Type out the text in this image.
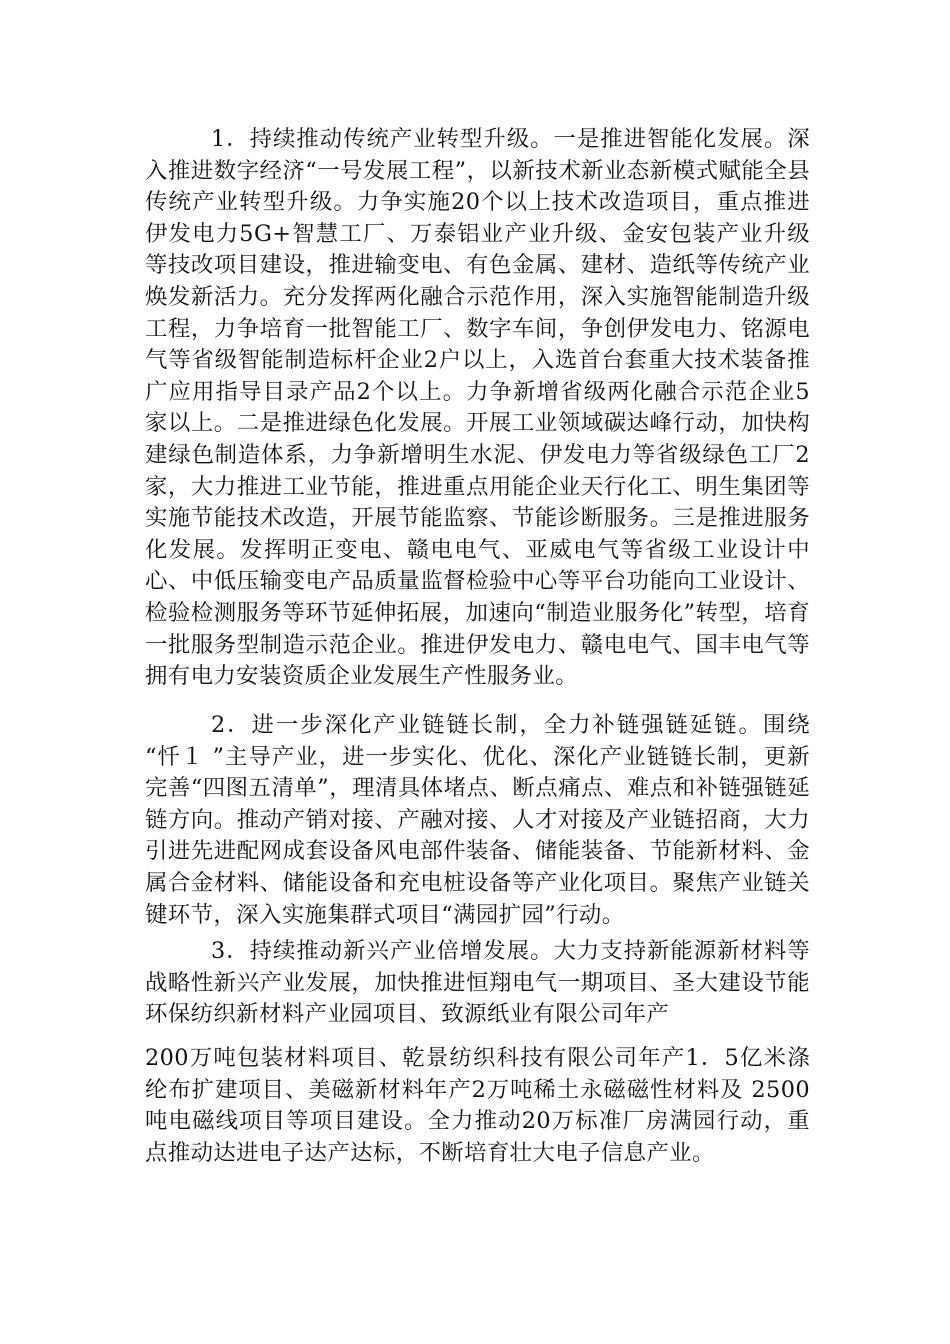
1．持续推动传统产业转型升级。一是推进智能化发展。深入推进数字经济“一号发展工程”，以新技术新业态新模式赋能全县传统产业转型升级。力争实施20个以上技术改造项目，重点推进伊发电力5G+智慧工厂、万泰铝业产业升级、金安包装产业升级等技改项目建设，推进输变电、有色金属、建材、造纸等传统产业焕发新活力。充分发挥两化融合示范作用，深入实施智能制造升级工程，力争培育一批智能工厂、数字车间，争创伊发电力、铭源电气等省级智能制造标杆企业2户以上，入选首台套重大技术装备推广应用指导目录产品2个以上。力争新增省级两化融合示范企业5家以上。二是推进绿色化发展。开展工业领域碳达峰行动，加快构建绿色制造体系，力争新增明生水泥、伊发电力等省级绿色工厂2家，大力推进工业节能，推进重点用能企业天行化工、明生集团等实施节能技术改造，开展节能监察、节能诊断服务。三是推进服务化发展。发挥明正变电、赣电电气、亚威电气等省级工业设计中心、中低压输变电产品质量监督检验中心等平台功能向工业设计、检验检测服务等环节延伸拓展，加速向“制造业服务化”转型，培育一批服务型制造示范企业。推进伊发电力、赣电电气、国丰电气等拥有电力安装资质企业发展生产性服务业。

2．进一步深化产业链链长制，全力补链强链延链。围绕 “忏１ ”主导产业，进一步实化、优化、深化产业链链长制，更新完善“四图五清单”，理清具体堵点、断点痛点、难点和补链强链延链方向。推动产销对接、产融对接、人才对接及产业链招商，大力引进先进配网成套设备风电部件装备、储能装备、节能新材料、金属合金材料、储能设备和充电桩设备等产业化项目。聚焦产业链关键环节，深入实施集群式项目“满园扩园”行动。

3．持续推动新兴产业倍增发展。大力支持新能源新材料等战略性新兴产业发展，加快推进恒翔电气一期项目、圣大建设节能环保纺织新材料产业园项目、致源纸业有限公司年产

200万吨包装材料项目、乾景纺织科技有限公司年产1．5亿米涤纶布扩建项目、美磁新材料年产2万吨稀土永磁磁性材料及 2500吨电磁线项目等项目建设。全力推动20万标准厂房满园行动，重点推动达进电子达产达标，不断培育壮大电子信息产业。
